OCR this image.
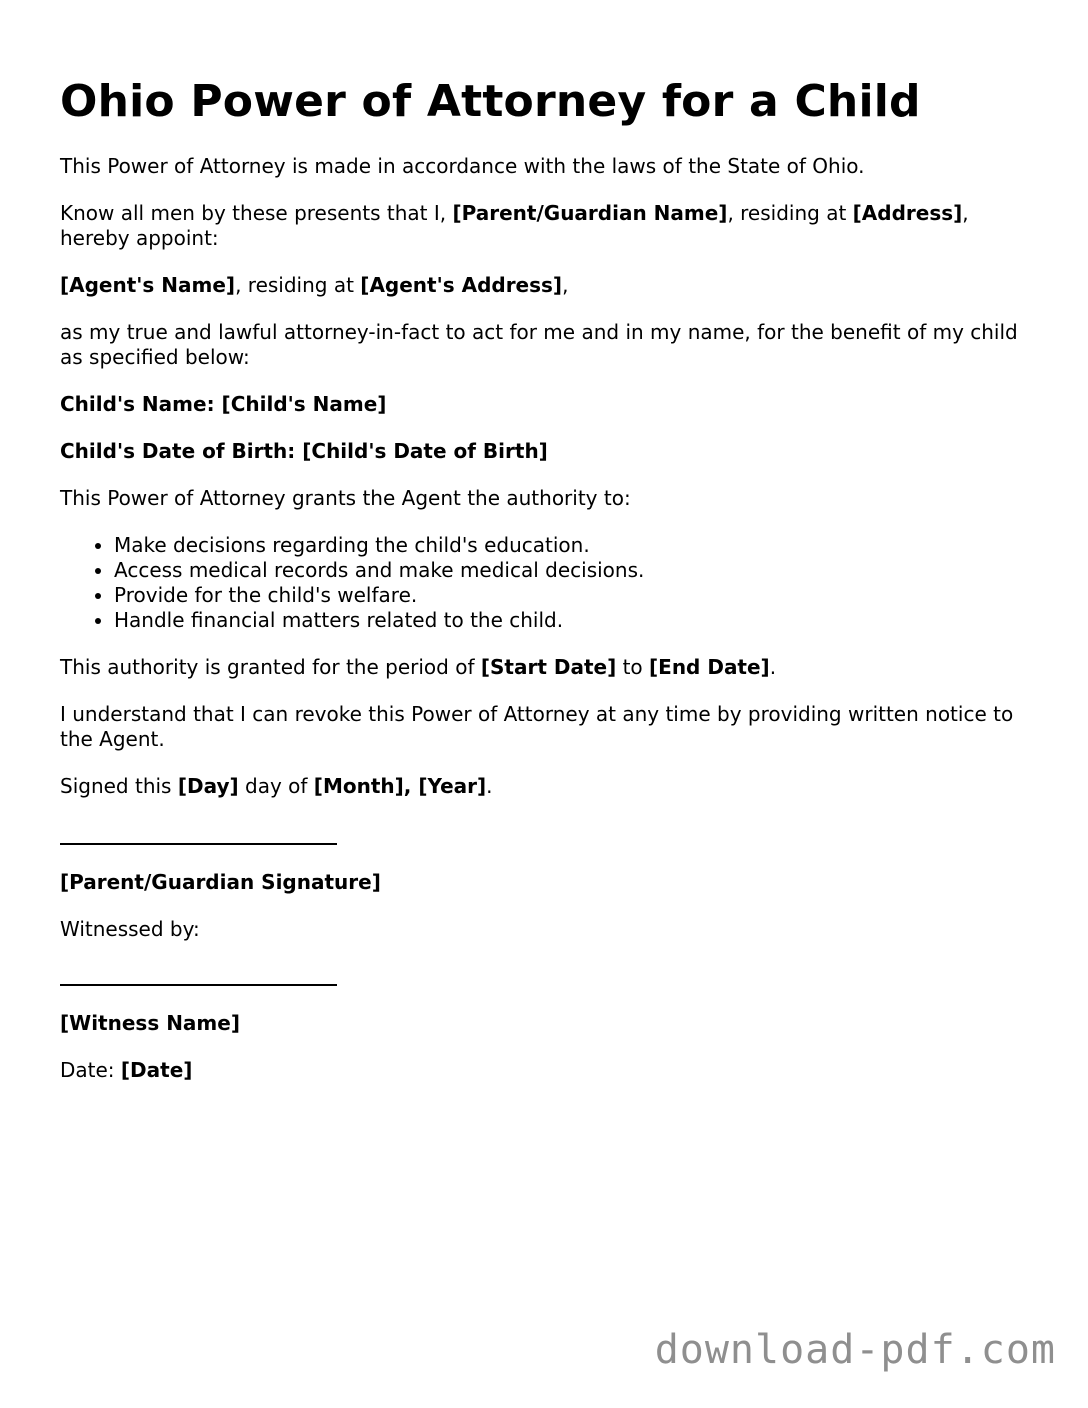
Ohio Power of Attorney for a Child

This Power of Attorney is made in accordance with the laws of the State of Ohio.

Know all men by these presents that I, [Parent/Guardian Name], residing at [Address], hereby appoint:

[Agent's Name], residing at [Agent's Address],

as my true and lawful attorney-in-fact to act for me and in my name, for the benefit of my child as specified below:

Child's Name: [Child's Name]

Child's Date of Birth: [Child's Date of Birth]

This Power of Attorney grants the Agent the authority to:

• Make decisions regarding the child's education.
• Access medical records and make medical decisions.
• Provide for the child's welfare.
• Handle financial matters related to the child.

This authority is granted for the period of [Start Date] to [End Date].

I understand that I can revoke this Power of Attorney at any time by providing written notice to the Agent.

Signed this [Day] day of [Month], [Year].

[Parent/Guardian Signature]

Witnessed by:

[Witness Name]

Date: [Date]

download-pdf.com
